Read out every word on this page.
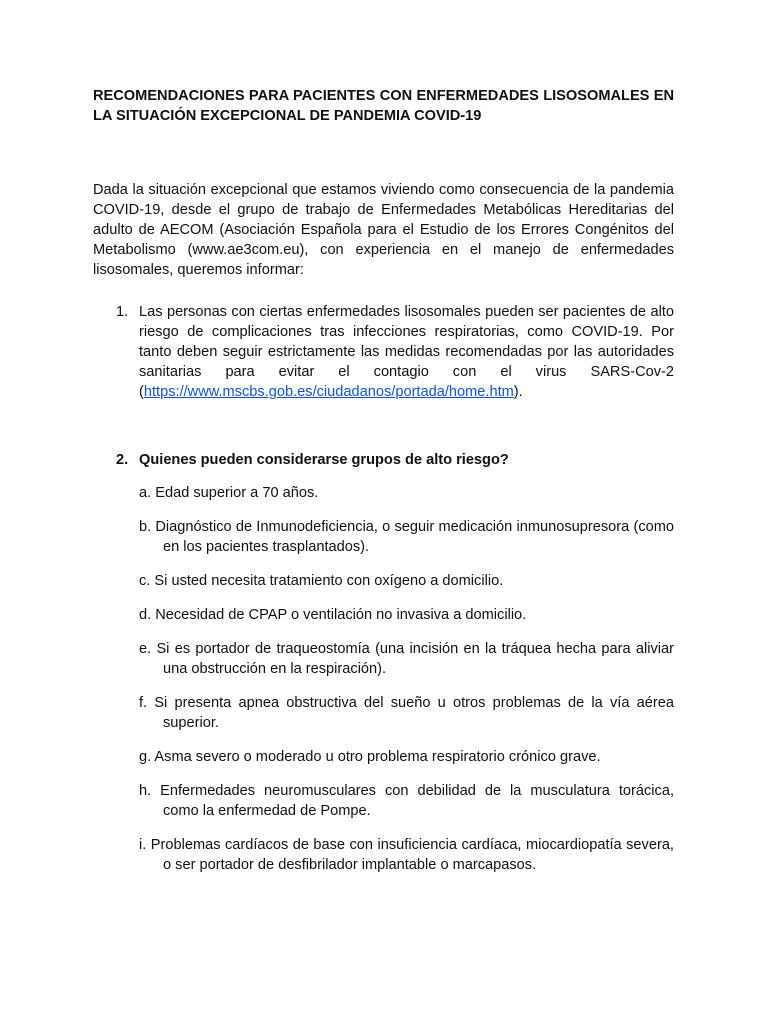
RECOMENDACIONES PARA PACIENTES CON ENFERMEDADES LISOSOMALES EN LA SITUACIÓN EXCEPCIONAL DE PANDEMIA COVID-19

Dada la situación excepcional que estamos viviendo como consecuencia de la pandemia COVID-19, desde el grupo de trabajo de Enfermedades Metabólicas Hereditarias del adulto de AECOM (Asociación Española para el Estudio de los Errores Congénitos del Metabolismo (www.ae3com.eu), con experiencia en el manejo de enfermedades lisosomales, queremos informar:
1. Las personas con ciertas enfermedades lisosomales pueden ser pacientes de alto riesgo de complicaciones tras infecciones respiratorias, como COVID-19. Por tanto deben seguir estrictamente las medidas recomendadas por las autoridades sanitarias para evitar el contagio con el virus SARS-Cov-2 (https://www.mscbs.gob.es/ciudadanos/portada/home.htm).
2. Quienes pueden considerarse grupos de alto riesgo?
a. Edad superior a 70 años.
b. Diagnóstico de Inmunodeficiencia, o seguir medicación inmunosupresora (como en los pacientes trasplantados).
c. Si usted necesita tratamiento con oxígeno a domicilio.
d. Necesidad de CPAP o ventilación no invasiva a domicilio.
e. Si es portador de traqueostomía (una incisión en la tráquea hecha para aliviar una obstrucción en la respiración).
f. Si presenta apnea obstructiva del sueño u otros problemas de la vía aérea superior.
g. Asma severo o moderado u otro problema respiratorio crónico grave.
h. Enfermedades neuromusculares con debilidad de la musculatura torácica, como la enfermedad de Pompe.
i. Problemas cardíacos de base con insuficiencia cardíaca, miocardiopatía severa, o ser portador de desfibrilador implantable o marcapasos.
